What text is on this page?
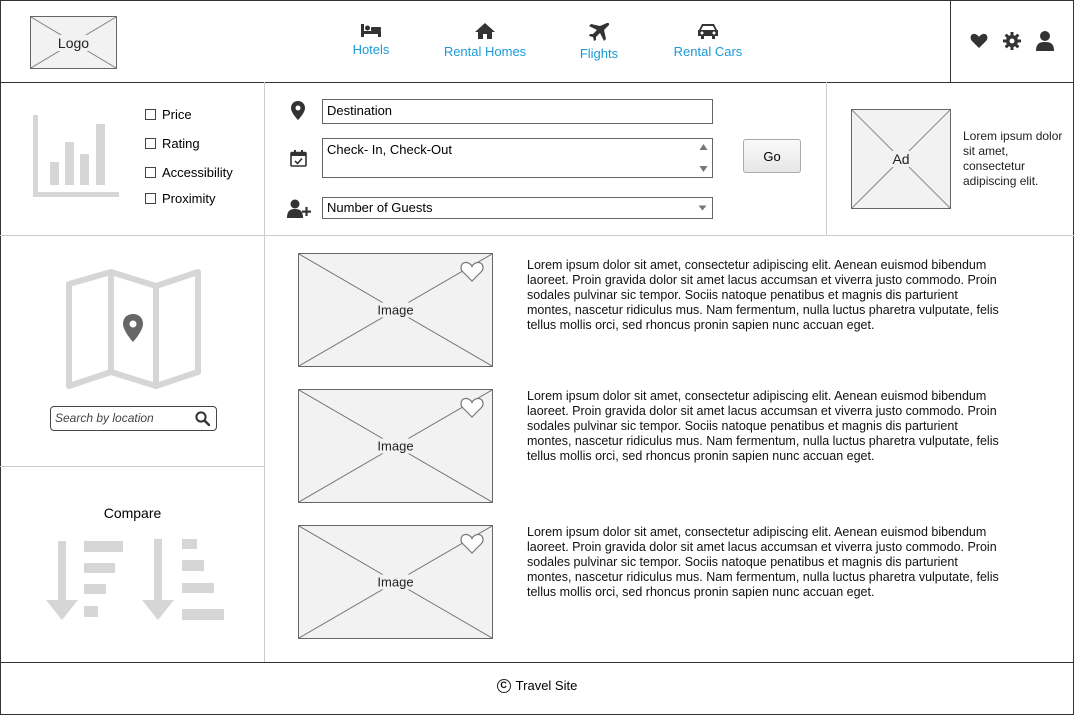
Logo	Hotels	Rental Homes	Flights	Rental Cars
Price
Rating
Accessibility
Proximity
Destination
Check- In, Check-Out	Go
Number of Guests
Ad
Lorem ipsum dolor sit amet, consectetur adipiscing elit.
Search by location
Compare
Image
Lorem ipsum dolor sit amet, consectetur adipiscing elit. Aenean euismod bibendum laoreet. Proin gravida dolor sit amet lacus accumsan et viverra justo commodo. Proin sodales pulvinar sic tempor. Sociis natoque penatibus et magnis dis parturient montes, nascetur ridiculus mus. Nam fermentum, nulla luctus pharetra vulputate, felis tellus mollis orci, sed rhoncus pronin sapien nunc accuan eget.
Image
Lorem ipsum dolor sit amet, consectetur adipiscing elit. Aenean euismod bibendum laoreet. Proin gravida dolor sit amet lacus accumsan et viverra justo commodo. Proin sodales pulvinar sic tempor. Sociis natoque penatibus et magnis dis parturient montes, nascetur ridiculus mus. Nam fermentum, nulla luctus pharetra vulputate, felis tellus mollis orci, sed rhoncus pronin sapien nunc accuan eget.
Image
Lorem ipsum dolor sit amet, consectetur adipiscing elit. Aenean euismod bibendum laoreet. Proin gravida dolor sit amet lacus accumsan et viverra justo commodo. Proin sodales pulvinar sic tempor. Sociis natoque penatibus et magnis dis parturient montes, nascetur ridiculus mus. Nam fermentum, nulla luctus pharetra vulputate, felis tellus mollis orci, sed rhoncus pronin sapien nunc accuan eget.
C Travel Site
